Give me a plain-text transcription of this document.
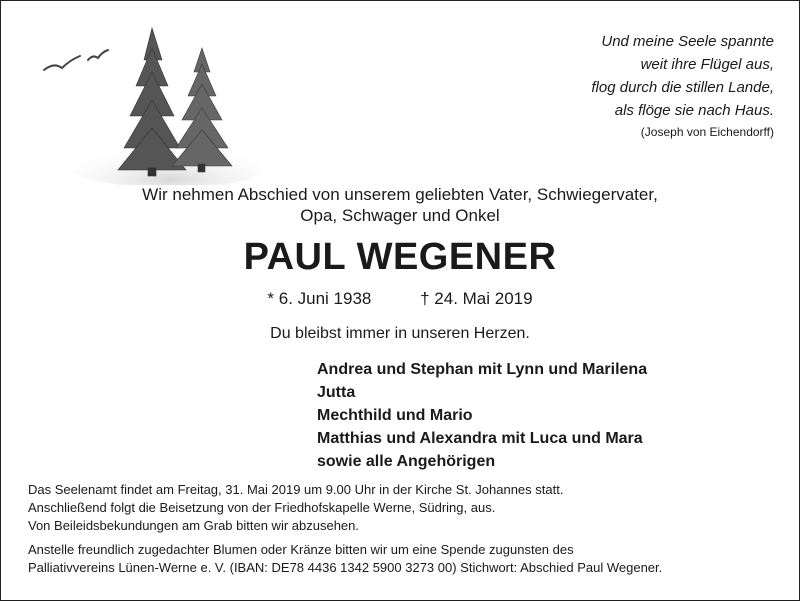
Und meine Seele spannte
weit ihre Flügel aus,
flog durch die stillen Lande,
als flöge sie nach Haus.
(Joseph von Eichendorff)
Wir nehmen Abschied von unserem geliebten Vater, Schwiegervater,
Opa, Schwager und Onkel
PAUL WEGENER
* 6. Juni 1938	† 24. Mai 2019
Du bleibst immer in unseren Herzen.
Andrea und Stephan mit Lynn und Marilena
Jutta
Mechthild und Mario
Matthias und Alexandra mit Luca und Mara
sowie alle Angehörigen
Das Seelenamt findet am Freitag, 31. Mai 2019 um 9.00 Uhr in der Kirche St. Johannes statt.
Anschließend folgt die Beisetzung von der Friedhofskapelle Werne, Südring, aus.
Von Beileidsbekundungen am Grab bitten wir abzusehen.
Anstelle freundlich zugedachter Blumen oder Kränze bitten wir um eine Spende zugunsten des
Palliativvereins Lünen-Werne e. V. (IBAN: DE78 4436 1342 5900 3273 00) Stichwort: Abschied Paul Wegener.
